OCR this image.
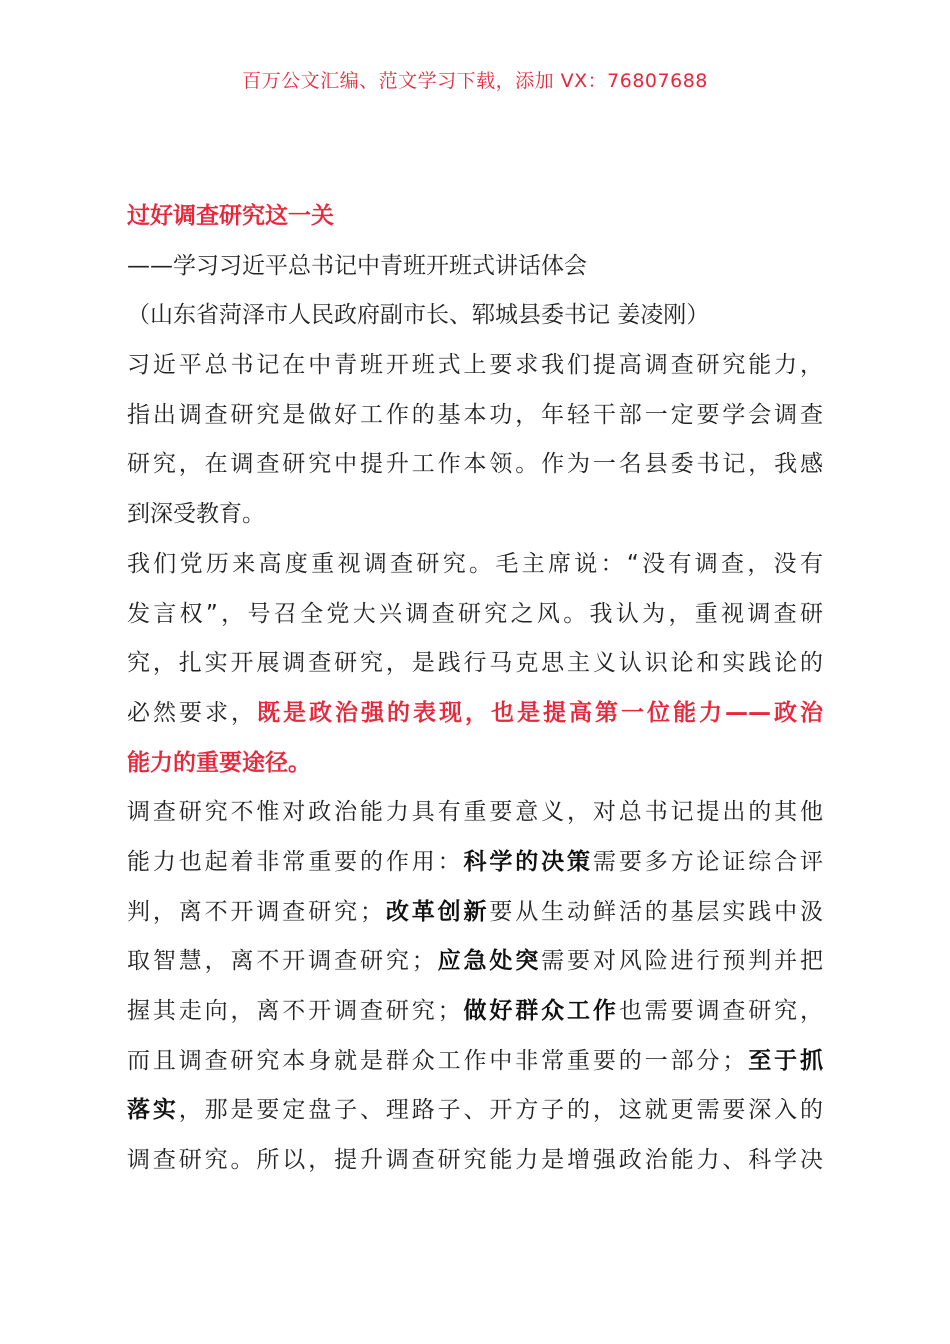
百万公文汇编、范文学习下载，添加 VX：76807688
过好调查研究这一关
——学习习近平总书记中青班开班式讲话体会
（山东省菏泽市人民政府副市长、郓城县委书记 姜凌刚）
习近平总书记在中青班开班式上要求我们提高调查研究能力，
指出调查研究是做好工作的基本功，年轻干部一定要学会调查
研究，在调查研究中提升工作本领。作为一名县委书记，我感
到深受教育。
我们党历来高度重视调查研究。毛主席说：“没有调查，没有
发言权”，号召全党大兴调查研究之风。我认为，重视调查研
究，扎实开展调查研究，是践行马克思主义认识论和实践论的
必然要求，既是政治强的表现，也是提高第一位能力——政治
能力的重要途径。
调查研究不惟对政治能力具有重要意义，对总书记提出的其他
能力也起着非常重要的作用：科学的决策需要多方论证综合评
判，离不开调查研究；改革创新要从生动鲜活的基层实践中汲
取智慧，离不开调查研究；应急处突需要对风险进行预判并把
握其走向，离不开调查研究；做好群众工作也需要调查研究，
而且调查研究本身就是群众工作中非常重要的一部分；至于抓
落实，那是要定盘子、理路子、开方子的，这就更需要深入的
调查研究。所以，提升调查研究能力是增强政治能力、科学决
